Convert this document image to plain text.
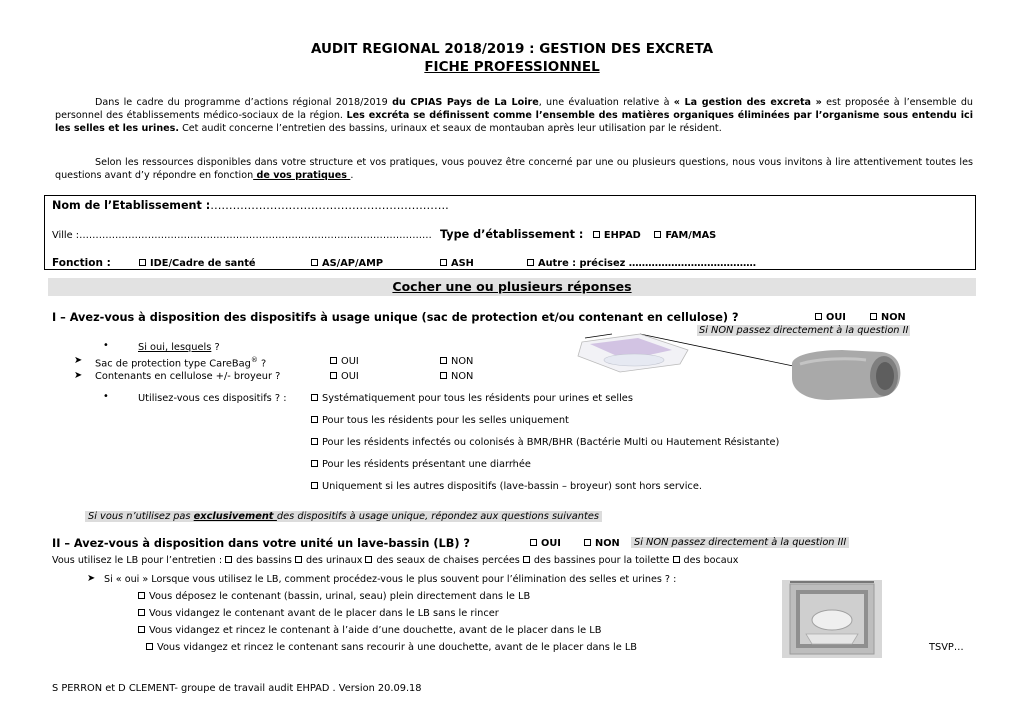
AUDIT REGIONAL 2018/2019 : GESTION DES EXCRETA
FICHE PROFESSIONNEL

Dans le cadre du programme d’actions régional 2018/2019 du CPIAS Pays de La Loire, une évaluation relative à « La gestion des excreta » est proposée à l’ensemble du personnel des établissements médico-sociaux de la région. Les excréta se définissent comme l’ensemble des matières organiques éliminées par l’organisme sous entendu ici les selles et les urines. Cet audit concerne l’entretien des bassins, urinaux et seaux de montauban après leur utilisation par le résident.

Selon les ressources disponibles dans votre structure et vos pratiques, vous pouvez être concerné par une ou plusieurs questions, nous vous invitons à lire attentivement toutes les questions avant d’y répondre en fonction de vos pratiques .

Nom de l’Etablissement :……………………………………………………….
Ville :……………………………………………………………………………………………… Type d’établissement : EHPAD	FAM/MAS
Fonction :	IDE/Cadre de santé	AS/AP/AMP	ASH	Autre : précisez …………………………………
Cocher une ou plusieurs réponses
I – Avez-vous à disposition des dispositifs à usage unique (sac de protection et/ou contenant en cellulose) ?	OUI	NON
Si NON passez directement à la question II
•	Si oui, lesquels ?
➤ Sac de protection type CareBag® ?	OUI	NON
➤ Contenants en cellulose +/- broyeur ?	OUI	NON
•	Utilisez-vous ces dispositifs ? :	Systématiquement pour tous les résidents pour urines et selles
Pour tous les résidents pour les selles uniquement
Pour les résidents infectés ou colonisés à BMR/BHR (Bactérie Multi ou Hautement Résistante)
Pour les résidents présentant une diarrhée
Uniquement si les autres dispositifs (lave-bassin – broyeur) sont hors service.
Si vous n’utilisez pas exclusivement des dispositifs à usage unique, répondez aux questions suivantes
II – Avez-vous à disposition dans votre unité un lave-bassin (LB) ?	OUI	NON	Si NON passez directement à la question III
Vous utilisez le LB pour l’entretien : des bassins des urinaux des seaux de chaises percées des bassines pour la toilette des bocaux
➤ Si « oui » Lorsque vous utilisez le LB, comment procédez-vous le plus souvent pour l’élimination des selles et urines ? :
Vous déposez le contenant (bassin, urinal, seau) plein directement dans le LB
Vous vidangez le contenant avant de le placer dans le LB sans le rincer
Vous vidangez et rincez le contenant à l’aide d’une douchette, avant de le placer dans le LB
Vous vidangez et rincez le contenant sans recourir à une douchette, avant de le placer dans le LB	TSVP…
S PERRON et D CLEMENT- groupe de travail audit EHPAD . Version 20.09.18
